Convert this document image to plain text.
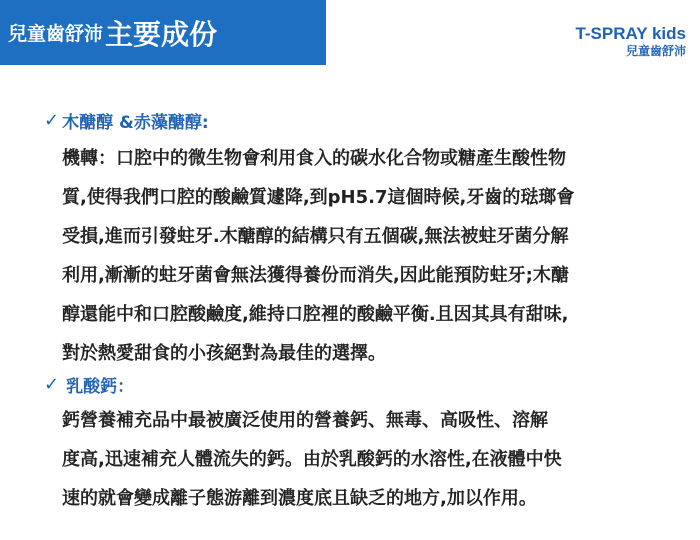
兒童齒舒沛 主要成份	T-SPRAY kids
兒童齒舒沛
✓ 木醣醇 &赤藻醣醇:
機轉：口腔中的微生物會利用食入的碳水化合物或糖產生酸性物
質,使得我們口腔的酸鹼質遽降,到pH5.7這個時候,牙齒的琺瑯會
受損,進而引發蛀牙.木醣醇的結構只有五個碳,無法被蛀牙菌分解
利用,漸漸的蛀牙菌會無法獲得養份而消失,因此能預防蛀牙;木醣
醇還能中和口腔酸鹼度,維持口腔裡的酸鹼平衡.且因其具有甜味,
對於熱愛甜食的小孩絕對為最佳的選擇。
✓ 乳酸鈣：
鈣營養補充品中最被廣泛使用的營養鈣、無毒、高吸性、溶解
度高,迅速補充人體流失的鈣。由於乳酸鈣的水溶性,在液體中快
速的就會變成離子態游離到濃度底且缺乏的地方,加以作用。
